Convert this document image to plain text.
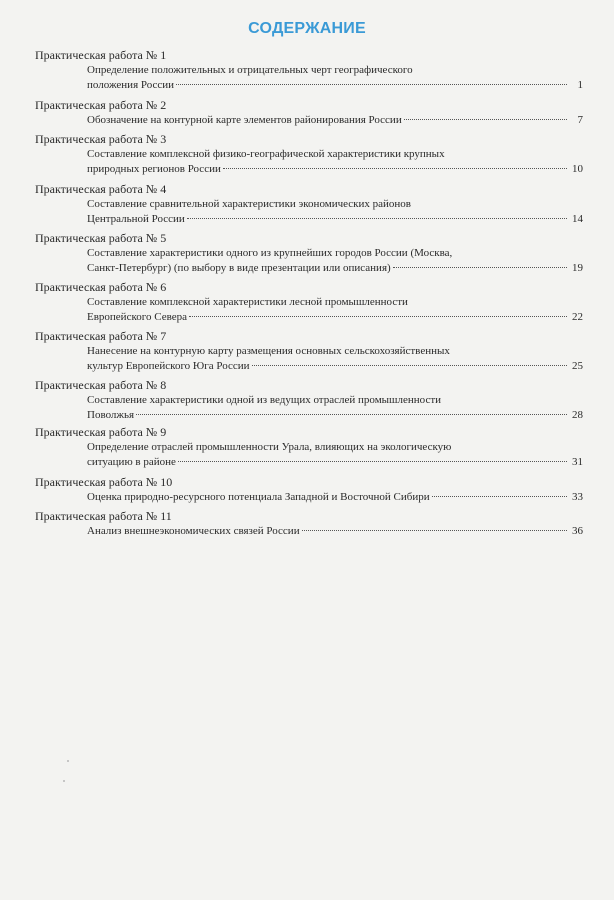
СОДЕРЖАНИЕ
Практическая работа № 1
Определение положительных и отрицательных черт географического
положения России	1
Практическая работа № 2
Обозначение на контурной карте элементов районирования России	7
Практическая работа № 3
Составление комплексной физико-географической характеристики крупных
природных регионов России	10
Практическая работа № 4
Составление сравнительной характеристики экономических районов
Центральной России	14
Практическая работа № 5
Составление характеристики одного из крупнейших городов России (Москва,
Санкт-Петербург) (по выбору в виде презентации или описания)	19
Практическая работа № 6
Составление комплексной характеристики лесной промышленности
Европейского Севера	22
Практическая работа № 7
Нанесение на контурную карту размещения основных сельскохозяйственных
культур Европейского Юга России	25
Практическая работа № 8
Составление характеристики одной из ведущих отраслей промышленности
Поволжья	28
Практическая работа № 9
Определение отраслей промышленности Урала, влияющих на экологическую
ситуацию в районе	31
Практическая работа № 10
Оценка природно-ресурсного потенциала Западной и Восточной Сибири	33
Практическая работа № 11
Анализ внешнеэкономических связей России	36
